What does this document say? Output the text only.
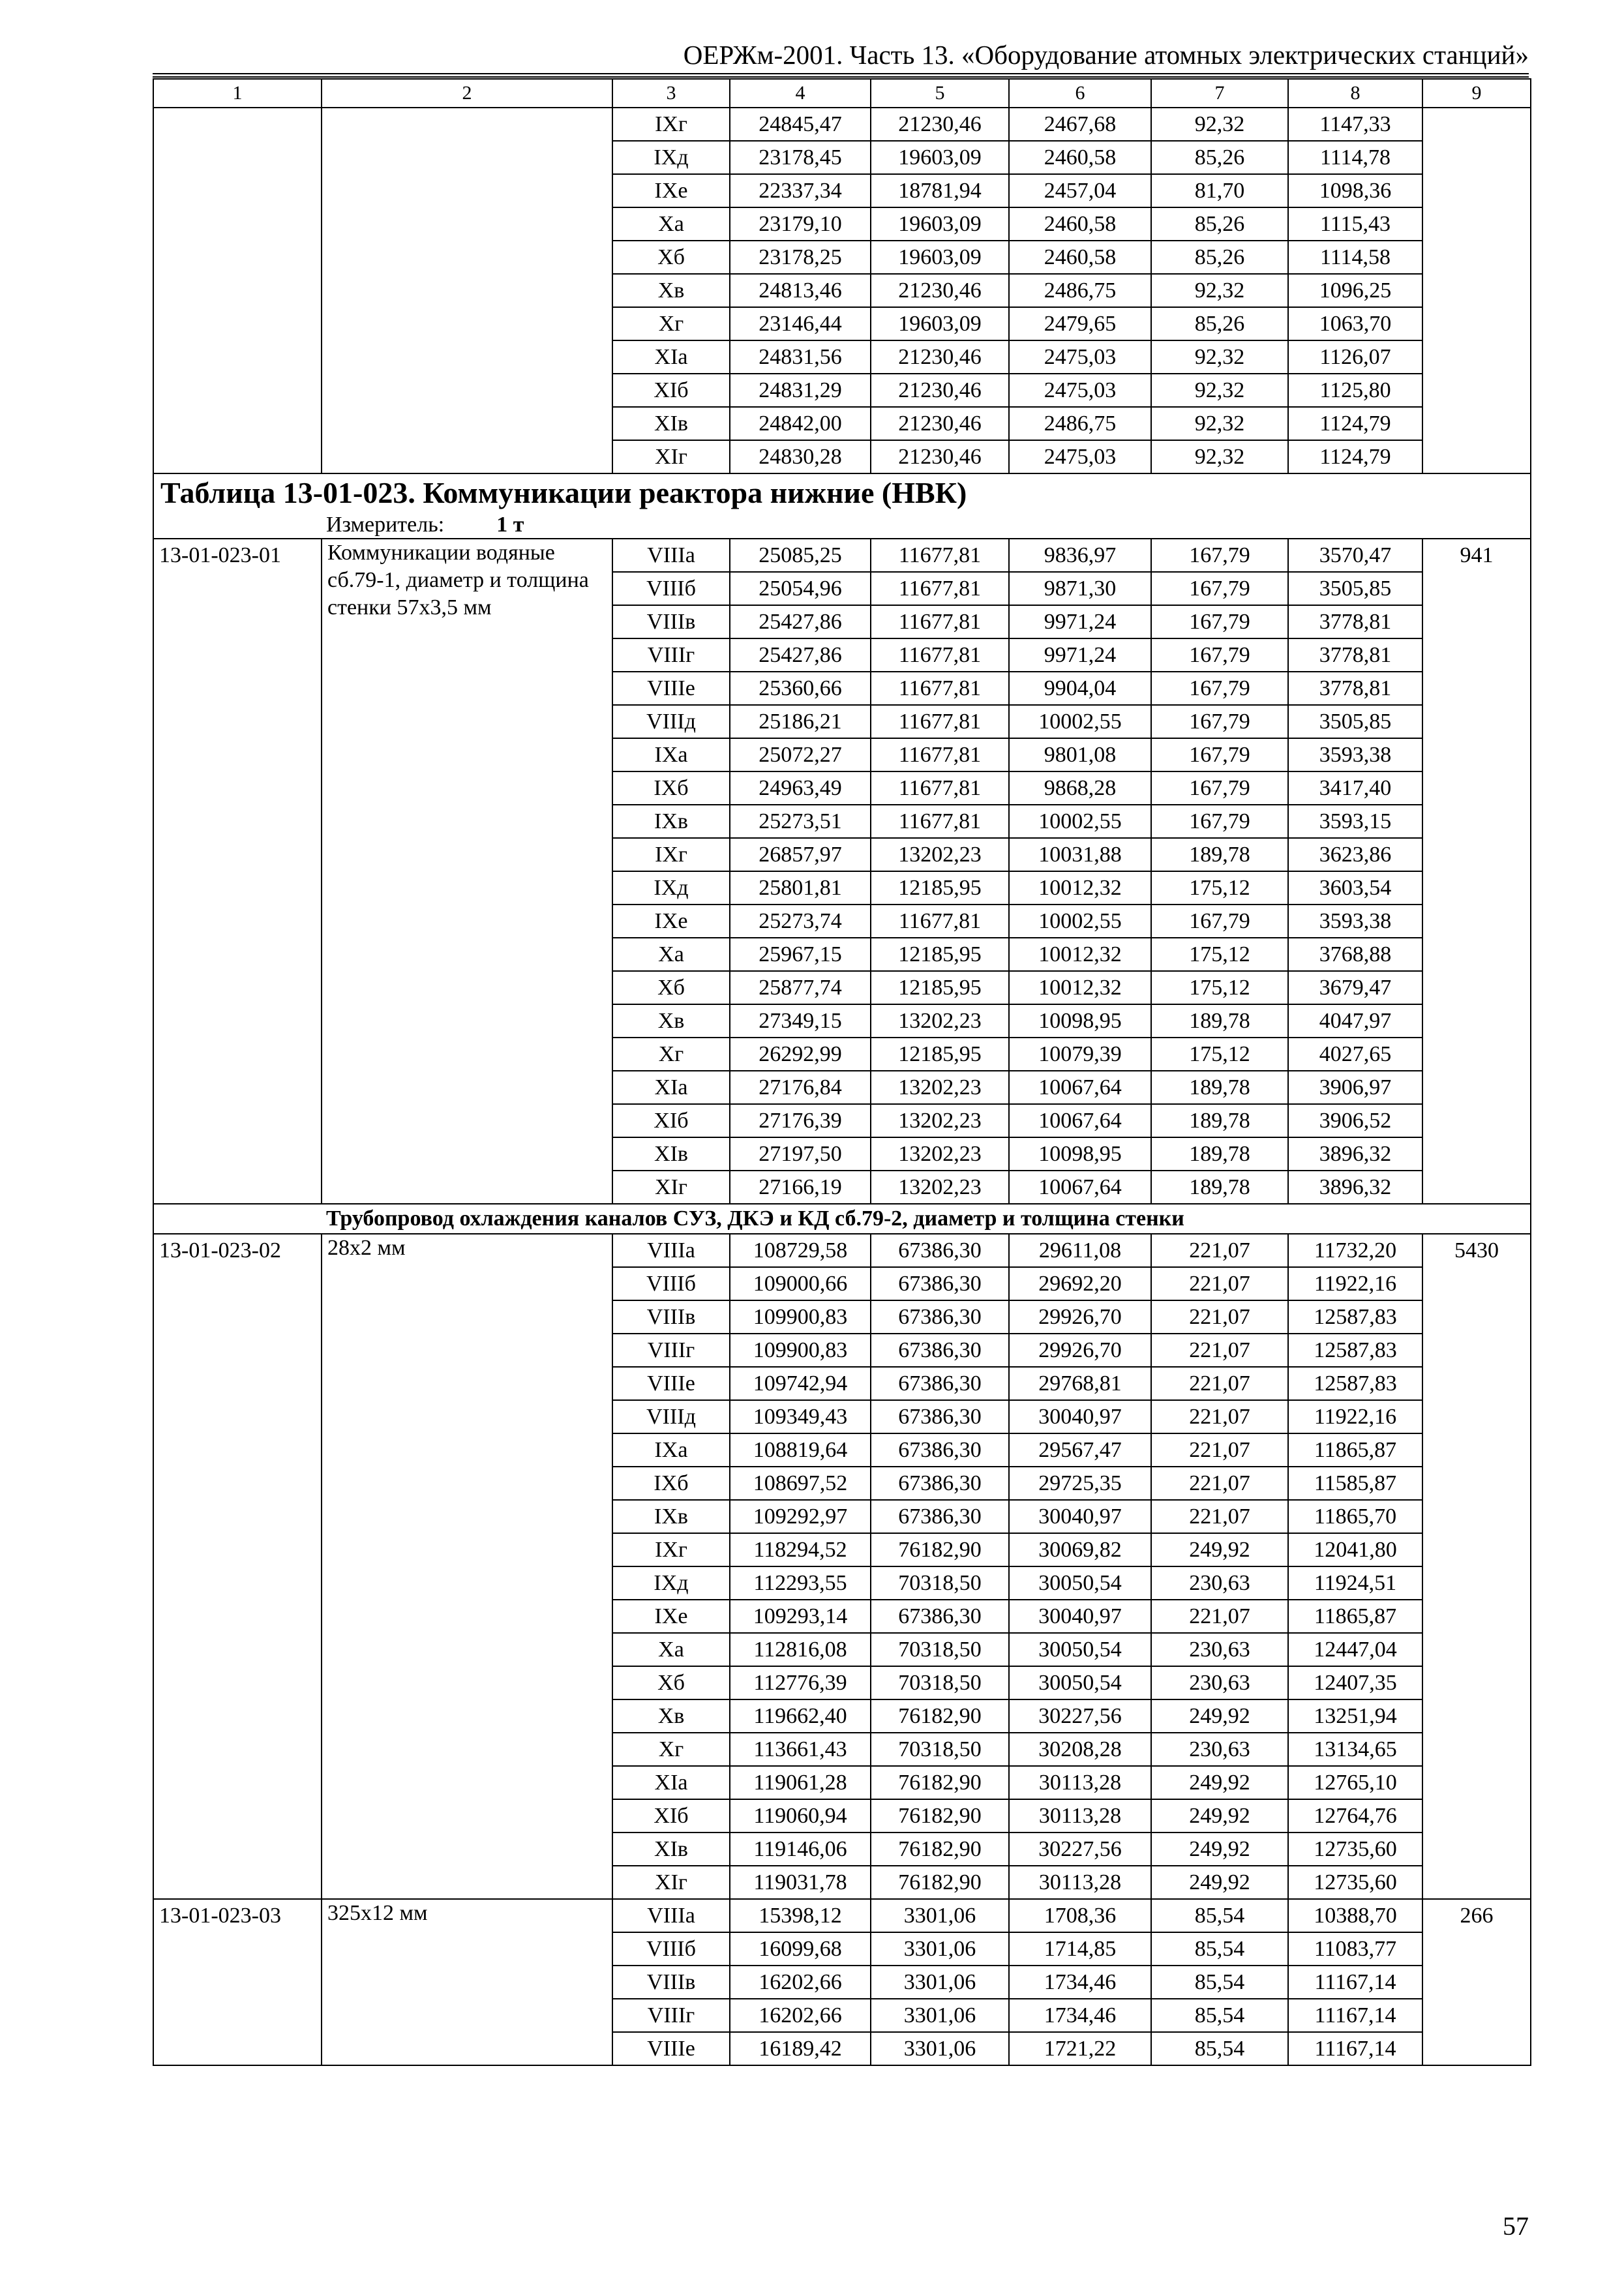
ОЕРЖм-2001. Часть 13. «Оборудование атомных электрических станций»
1	2	3	4	5	6	7	8	9
		IXг	24845,47	21230,46	2467,68	92,32	1147,33	
		IXд	23178,45	19603,09	2460,58	85,26	1114,78	
		IXе	22337,34	18781,94	2457,04	81,70	1098,36	
		Xа	23179,10	19603,09	2460,58	85,26	1115,43	
		Xб	23178,25	19603,09	2460,58	85,26	1114,58	
		Xв	24813,46	21230,46	2486,75	92,32	1096,25	
		Xг	23146,44	19603,09	2479,65	85,26	1063,70	
		XIа	24831,56	21230,46	2475,03	92,32	1126,07	
		XIб	24831,29	21230,46	2475,03	92,32	1125,80	
		XIв	24842,00	21230,46	2486,75	92,32	1124,79	
		XIг	24830,28	21230,46	2475,03	92,32	1124,79	
Таблица 13-01-023. Коммуникации реактора нижние (НВК)								
Измеритель: 1 т								
13-01-023-01	Коммуникации водяные сб.79-1, диаметр и толщина стенки 57х3,5 мм	VIIIа	25085,25	11677,81	9836,97	167,79	3570,47	941
		VIIIб	25054,96	11677,81	9871,30	167,79	3505,85	
		VIIIв	25427,86	11677,81	9971,24	167,79	3778,81	
		VIIIг	25427,86	11677,81	9971,24	167,79	3778,81	
		VIIIе	25360,66	11677,81	9904,04	167,79	3778,81	
		VIIIд	25186,21	11677,81	10002,55	167,79	3505,85	
		IXа	25072,27	11677,81	9801,08	167,79	3593,38	
		IXб	24963,49	11677,81	9868,28	167,79	3417,40	
		IXв	25273,51	11677,81	10002,55	167,79	3593,15	
		IXг	26857,97	13202,23	10031,88	189,78	3623,86	
		IXд	25801,81	12185,95	10012,32	175,12	3603,54	
		IXе	25273,74	11677,81	10002,55	167,79	3593,38	
		Xа	25967,15	12185,95	10012,32	175,12	3768,88	
		Xб	25877,74	12185,95	10012,32	175,12	3679,47	
		Xв	27349,15	13202,23	10098,95	189,78	4047,97	
		Xг	26292,99	12185,95	10079,39	175,12	4027,65	
		XIа	27176,84	13202,23	10067,64	189,78	3906,97	
		XIб	27176,39	13202,23	10067,64	189,78	3906,52	
		XIв	27197,50	13202,23	10098,95	189,78	3896,32	
		XIг	27166,19	13202,23	10067,64	189,78	3896,32	
Трубопровод охлаждения каналов СУЗ, ДКЭ и КД сб.79-2, диаметр и толщина стенки								
13-01-023-02	28х2 мм	VIIIа	108729,58	67386,30	29611,08	221,07	11732,20	5430
		VIIIб	109000,66	67386,30	29692,20	221,07	11922,16	
		VIIIв	109900,83	67386,30	29926,70	221,07	12587,83	
		VIIIг	109900,83	67386,30	29926,70	221,07	12587,83	
		VIIIе	109742,94	67386,30	29768,81	221,07	12587,83	
		VIIIд	109349,43	67386,30	30040,97	221,07	11922,16	
		IXа	108819,64	67386,30	29567,47	221,07	11865,87	
		IXб	108697,52	67386,30	29725,35	221,07	11585,87	
		IXв	109292,97	67386,30	30040,97	221,07	11865,70	
		IXг	118294,52	76182,90	30069,82	249,92	12041,80	
		IXд	112293,55	70318,50	30050,54	230,63	11924,51	
		IXе	109293,14	67386,30	30040,97	221,07	11865,87	
		Xа	112816,08	70318,50	30050,54	230,63	12447,04	
		Xб	112776,39	70318,50	30050,54	230,63	12407,35	
		Xв	119662,40	76182,90	30227,56	249,92	13251,94	
		Xг	113661,43	70318,50	30208,28	230,63	13134,65	
		XIа	119061,28	76182,90	30113,28	249,92	12765,10	
		XIб	119060,94	76182,90	30113,28	249,92	12764,76	
		XIв	119146,06	76182,90	30227,56	249,92	12735,60	
		XIг	119031,78	76182,90	30113,28	249,92	12735,60	
13-01-023-03	325х12 мм	VIIIа	15398,12	3301,06	1708,36	85,54	10388,70	266
		VIIIб	16099,68	3301,06	1714,85	85,54	11083,77	
		VIIIв	16202,66	3301,06	1734,46	85,54	11167,14	
		VIIIг	16202,66	3301,06	1734,46	85,54	11167,14	
		VIIIе	16189,42	3301,06	1721,22	85,54	11167,14	
57
